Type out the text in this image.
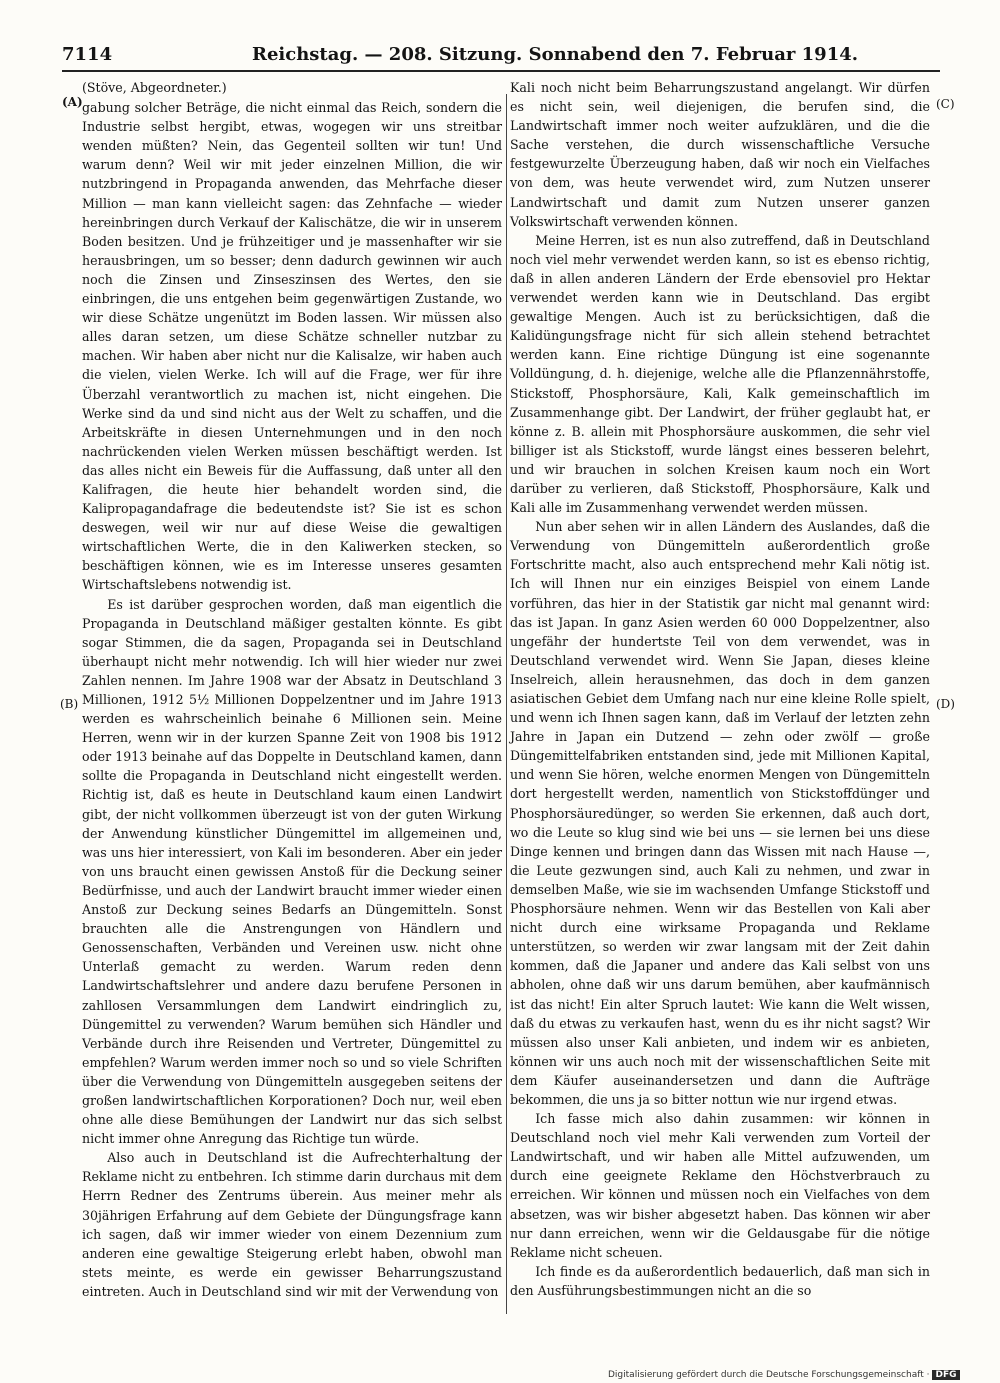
7114	Reichstag. — 208. Sitzung. Sonnabend den 7. Februar 1914.
(A)
(B)
(C)
(D)

(Stöve, Abgeordneter.)

gabung solcher Beträge, die nicht einmal das Reich, sondern die Industrie selbst hergibt, etwas, wogegen wir uns streitbar wenden müßten? Nein, das Gegenteil sollten wir tun! Und warum denn? Weil wir mit jeder einzelnen Million, die wir nutzbringend in Propaganda anwenden, das Mehrfache dieser Million — man kann vielleicht sagen: das Zehnfache — wieder hereinbringen durch Verkauf der Kalischätze, die wir in unserem Boden besitzen. Und je frühzeitiger und je massenhafter wir sie herausbringen, um so besser; denn dadurch gewinnen wir auch noch die Zinsen und Zinseszinsen des Wertes, den sie einbringen, die uns entgehen beim gegenwärtigen Zustande, wo wir diese Schätze ungenützt im Boden lassen. Wir müssen also alles daran setzen, um diese Schätze schneller nutzbar zu machen. Wir haben aber nicht nur die Kalisalze, wir haben auch die vielen, vielen Werke. Ich will auf die Frage, wer für ihre Überzahl verantwortlich zu machen ist, nicht eingehen. Die Werke sind da und sind nicht aus der Welt zu schaffen, und die Arbeitskräfte in diesen Unternehmungen und in den noch nachrückenden vielen Werken müssen beschäftigt werden. Ist das alles nicht ein Beweis für die Auffassung, daß unter all den Kalifragen, die heute hier behandelt worden sind, die Kalipropagandafrage die bedeutendste ist? Sie ist es schon deswegen, weil wir nur auf diese Weise die gewaltigen wirtschaftlichen Werte, die in den Kaliwerken stecken, so beschäftigen können, wie es im Interesse unseres gesamten Wirtschaftslebens notwendig ist.

Es ist darüber gesprochen worden, daß man eigentlich die Propaganda in Deutschland mäßiger gestalten könnte. Es gibt sogar Stimmen, die da sagen, Propaganda sei in Deutschland überhaupt nicht mehr notwendig. Ich will hier wieder nur zwei Zahlen nennen. Im Jahre 1908 war der Absatz in Deutschland 3 Millionen, 1912 5½ Millionen Doppelzentner und im Jahre 1913 werden es wahrscheinlich beinahe 6 Millionen sein. Meine Herren, wenn wir in der kurzen Spanne Zeit von 1908 bis 1912 oder 1913 beinahe auf das Doppelte in Deutschland kamen, dann sollte die Propaganda in Deutschland nicht eingestellt werden. Richtig ist, daß es heute in Deutschland kaum einen Landwirt gibt, der nicht vollkommen überzeugt ist von der guten Wirkung der Anwendung künstlicher Düngemittel im allgemeinen und, was uns hier interessiert, von Kali im besonderen. Aber ein jeder von uns braucht einen gewissen Anstoß für die Deckung seiner Bedürfnisse, und auch der Landwirt braucht immer wieder einen Anstoß zur Deckung seines Bedarfs an Düngemitteln. Sonst brauchten alle die Anstrengungen von Händlern und Genossenschaften, Verbänden und Vereinen usw. nicht ohne Unterlaß gemacht zu werden. Warum reden denn Landwirtschaftslehrer und andere dazu berufene Personen in zahllosen Versammlungen dem Landwirt eindringlich zu, Düngemittel zu verwenden? Warum bemühen sich Händler und Verbände durch ihre Reisenden und Vertreter, Düngemittel zu empfehlen? Warum werden immer noch so und so viele Schriften über die Verwendung von Düngemitteln ausgegeben seitens der großen landwirtschaftlichen Korporationen? Doch nur, weil eben ohne alle diese Bemühungen der Landwirt nur das sich selbst nicht immer ohne Anregung das Richtige tun würde.

Also auch in Deutschland ist die Aufrechterhaltung der Reklame nicht zu entbehren. Ich stimme darin durchaus mit dem Herrn Redner des Zentrums überein. Aus meiner mehr als 30jährigen Erfahrung auf dem Gebiete der Düngungsfrage kann ich sagen, daß wir immer wieder von einem Dezennium zum anderen eine gewaltige Steigerung erlebt haben, obwohl man stets meinte, es werde ein gewisser Beharrungszustand eintreten. Auch in Deutschland sind wir mit der Verwendung von

Kali noch nicht beim Beharrungszustand angelangt. Wir dürfen es nicht sein, weil diejenigen, die berufen sind, die Landwirtschaft immer noch weiter aufzuklären, und die die Sache verstehen, die durch wissenschaftliche Versuche festgewurzelte Überzeugung haben, daß wir noch ein Vielfaches von dem, was heute verwendet wird, zum Nutzen unserer Landwirtschaft und damit zum Nutzen unserer ganzen Volkswirtschaft verwenden können.

Meine Herren, ist es nun also zutreffend, daß in Deutschland noch viel mehr verwendet werden kann, so ist es ebenso richtig, daß in allen anderen Ländern der Erde ebensoviel pro Hektar verwendet werden kann wie in Deutschland. Das ergibt gewaltige Mengen. Auch ist zu berücksichtigen, daß die Kalidüngungsfrage nicht für sich allein stehend betrachtet werden kann. Eine richtige Düngung ist eine sogenannte Volldüngung, d. h. diejenige, welche alle die Pflanzennährstoffe, Stickstoff, Phosphorsäure, Kali, Kalk gemeinschaftlich im Zusammenhange gibt. Der Landwirt, der früher geglaubt hat, er könne z. B. allein mit Phosphorsäure auskommen, die sehr viel billiger ist als Stickstoff, wurde längst eines besseren belehrt, und wir brauchen in solchen Kreisen kaum noch ein Wort darüber zu verlieren, daß Stickstoff, Phosphorsäure, Kalk und Kali alle im Zusammenhang verwendet werden müssen.

Nun aber sehen wir in allen Ländern des Auslandes, daß die Verwendung von Düngemitteln außerordentlich große Fortschritte macht, also auch entsprechend mehr Kali nötig ist. Ich will Ihnen nur ein einziges Beispiel von einem Lande vorführen, das hier in der Statistik gar nicht mal genannt wird: das ist Japan. In ganz Asien werden 60 000 Doppelzentner, also ungefähr der hundertste Teil von dem verwendet, was in Deutschland verwendet wird. Wenn Sie Japan, dieses kleine Inselreich, allein herausnehmen, das doch in dem ganzen asiatischen Gebiet dem Umfang nach nur eine kleine Rolle spielt, und wenn ich Ihnen sagen kann, daß im Verlauf der letzten zehn Jahre in Japan ein Dutzend — zehn oder zwölf — große Düngemittelfabriken entstanden sind, jede mit Millionen Kapital, und wenn Sie hören, welche enormen Mengen von Düngemitteln dort hergestellt werden, namentlich von Stickstoffdünger und Phosphorsäuredünger, so werden Sie erkennen, daß auch dort, wo die Leute so klug sind wie bei uns — sie lernen bei uns diese Dinge kennen und bringen dann das Wissen mit nach Hause —, die Leute gezwungen sind, auch Kali zu nehmen, und zwar in demselben Maße, wie sie im wachsenden Umfange Stickstoff und Phosphorsäure nehmen. Wenn wir das Bestellen von Kali aber nicht durch eine wirksame Propaganda und Reklame unterstützen, so werden wir zwar langsam mit der Zeit dahin kommen, daß die Japaner und andere das Kali selbst von uns abholen, ohne daß wir uns darum bemühen, aber kaufmännisch ist das nicht! Ein alter Spruch lautet: Wie kann die Welt wissen, daß du etwas zu verkaufen hast, wenn du es ihr nicht sagst? Wir müssen also unser Kali anbieten, und indem wir es anbieten, können wir uns auch noch mit der wissenschaftlichen Seite mit dem Käufer auseinandersetzen und dann die Aufträge bekommen, die uns ja so bitter nottun wie nur irgend etwas.

Ich fasse mich also dahin zusammen: wir können in Deutschland noch viel mehr Kali verwenden zum Vorteil der Landwirtschaft, und wir haben alle Mittel aufzuwenden, um durch eine geeignete Reklame den Höchstverbrauch zu erreichen. Wir können und müssen noch ein Vielfaches von dem absetzen, was wir bisher abgesetzt haben. Das können wir aber nur dann erreichen, wenn wir die Geldausgabe für die nötige Reklame nicht scheuen.

Ich finde es da außerordentlich bedauerlich, daß man sich in den Ausführungsbestimmungen nicht an die so

Digitalisierung gefördert durch die Deutsche Forschungsgemeinschaft · DFG
